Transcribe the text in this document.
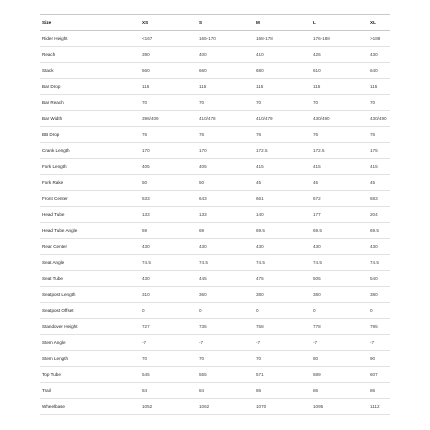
Size	XS	S	M	L	XL
Rider Height	<167	165-170	168-178	176-188	>188
Reach	390	400	410	425	430
Stack	660	660	680	610	640
Bar Drop	115	115	115	115	115
Bar Reach	70	70	70	70	70
Bar Width	396/409	410/478	410/479	430/490	430/490
BB Drop	76	76	76	76	76
Crank Length	170	170	172.5	172.5	175
Fork Length	405	405	415	415	415
Fork Rake	50	50	45	45	45
Front Center	633	643	661	672	683
Head Tube	133	133	140	177	204
Head Tube Angle	69	69	69.5	69.5	69.5
Rear Center	430	430	430	430	430
Seat Angle	74.5	74.5	74.5	74.5	74.5
Seat Tube	430	445	475	505	540
Seatpost Length	310	360	380	380	380
Seatpost Offset	0	0	0	0	0
Standover Height	727	735	758	778	795
Stem Angle	-7	-7	-7	-7	-7
Stem Length	70	70	70	80	90
Top Tube	545	555	571	589	607
Trail	84	84	86	86	86
Wheelbase	1052	1062	1070	1095	1112
